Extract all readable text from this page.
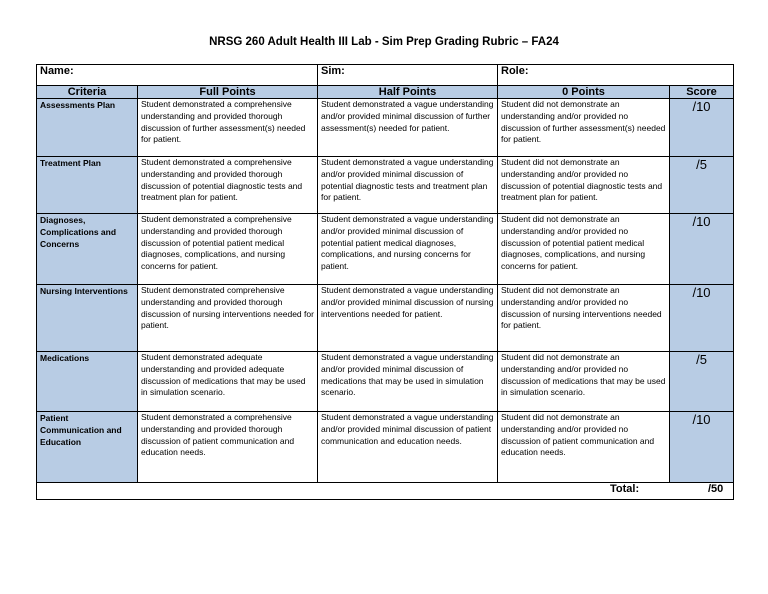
NRSG 260 Adult Health III Lab - Sim Prep Grading Rubric – FA24
Name:		Sim:	Role:	
Criteria	Full Points	Half Points	0 Points	Score
Assessments Plan	Student demonstrated a comprehensive understanding and provided thorough discussion of further assessment(s) needed for patient.	Student demonstrated a vague understanding and/or provided minimal discussion of further assessment(s) needed for patient.	Student did not demonstrate an understanding and/or provided no discussion of further assessment(s) needed for patient.	/10
Treatment Plan	Student demonstrated a comprehensive understanding and provided thorough discussion of potential diagnostic tests and treatment plan for patient.	Student demonstrated a vague understanding and/or provided minimal discussion of potential diagnostic tests and treatment plan for patient.	Student did not demonstrate an understanding and/or provided no discussion of potential diagnostic tests and treatment plan for patient.	/5
Diagnoses, Complications and Concerns	Student demonstrated a comprehensive understanding and provided thorough discussion of potential patient medical diagnoses, complications, and nursing concerns for patient.	Student demonstrated a vague understanding and/or provided minimal discussion of potential patient medical diagnoses, complications, and nursing concerns for patient.	Student did not demonstrate an understanding and/or provided no discussion of potential patient medical diagnoses, complications, and nursing concerns for patient.	/10
Nursing Interventions	Student demonstrated comprehensive understanding and provided thorough discussion of nursing interventions needed for patient.	Student demonstrated a vague understanding and/or provided minimal discussion of nursing interventions needed for patient.	Student did not demonstrate an understanding and/or provided no discussion of nursing interventions needed for patient.	/10
Medications	Student demonstrated adequate understanding and provided adequate discussion of medications that may be used in simulation scenario.	Student demonstrated a vague understanding and/or provided minimal discussion of medications that may be used in simulation scenario.	Student did not demonstrate an understanding and/or provided no discussion of medications that may be used in simulation scenario.	/5
Patient Communication and Education	Student demonstrated a comprehensive understanding and provided thorough discussion of patient communication and education needs.	Student demonstrated a vague understanding and/or provided minimal discussion of patient communication and education needs.	Student did not demonstrate an understanding and/or provided no discussion of patient communication and education needs.	/10

Total: /50				
